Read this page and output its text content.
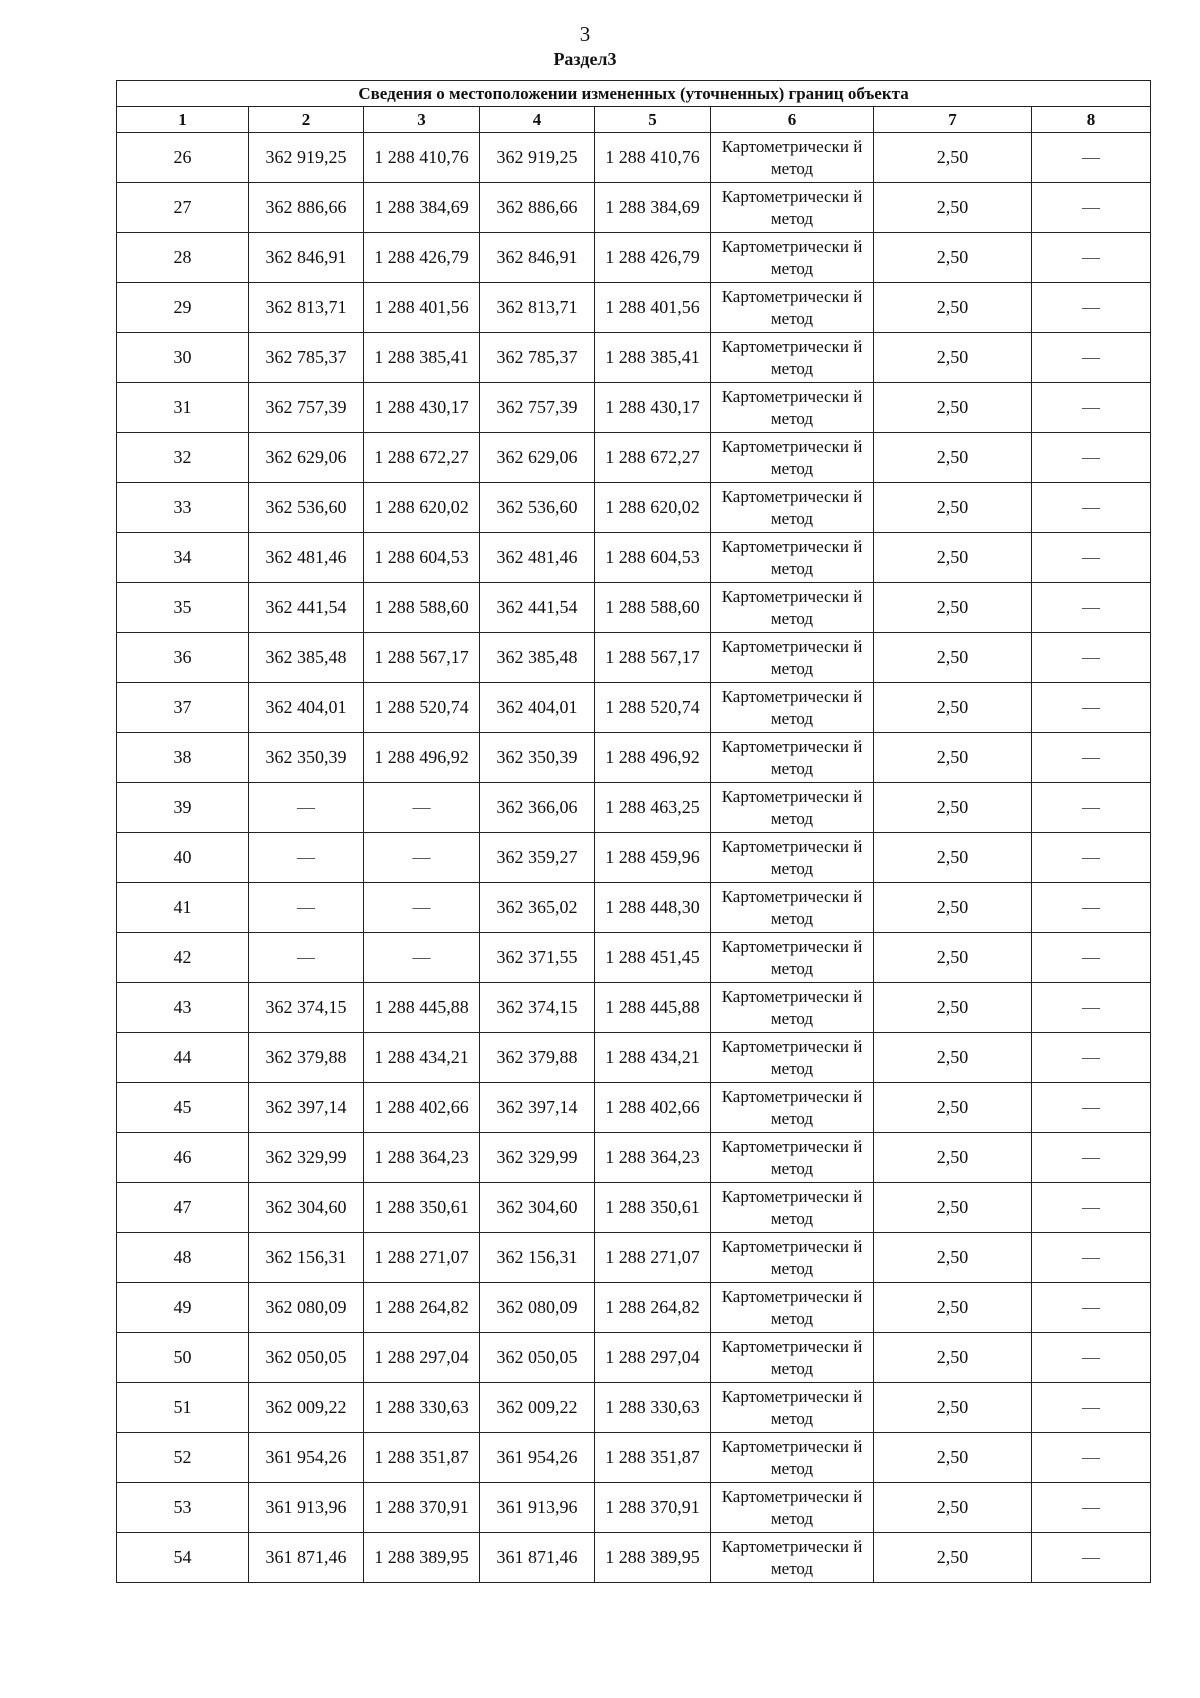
3
Раздел3
Сведения о местоположении измененных (уточненных) границ объекта							
1	2	3	4	5	6	7	8
26	362 919,25	1 288 410,76	362 919,25	1 288 410,76	Картометрически й метод	2,50	—
27	362 886,66	1 288 384,69	362 886,66	1 288 384,69	Картометрически й метод	2,50	—
28	362 846,91	1 288 426,79	362 846,91	1 288 426,79	Картометрически й метод	2,50	—
29	362 813,71	1 288 401,56	362 813,71	1 288 401,56	Картометрически й метод	2,50	—
30	362 785,37	1 288 385,41	362 785,37	1 288 385,41	Картометрически й метод	2,50	—
31	362 757,39	1 288 430,17	362 757,39	1 288 430,17	Картометрически й метод	2,50	—
32	362 629,06	1 288 672,27	362 629,06	1 288 672,27	Картометрически й метод	2,50	—
33	362 536,60	1 288 620,02	362 536,60	1 288 620,02	Картометрически й метод	2,50	—
34	362 481,46	1 288 604,53	362 481,46	1 288 604,53	Картометрически й метод	2,50	—
35	362 441,54	1 288 588,60	362 441,54	1 288 588,60	Картометрически й метод	2,50	—
36	362 385,48	1 288 567,17	362 385,48	1 288 567,17	Картометрически й метод	2,50	—
37	362 404,01	1 288 520,74	362 404,01	1 288 520,74	Картометрически й метод	2,50	—
38	362 350,39	1 288 496,92	362 350,39	1 288 496,92	Картометрически й метод	2,50	—
39	—	—	362 366,06	1 288 463,25	Картометрически й метод	2,50	—
40	—	—	362 359,27	1 288 459,96	Картометрически й метод	2,50	—
41	—	—	362 365,02	1 288 448,30	Картометрически й метод	2,50	—
42	—	—	362 371,55	1 288 451,45	Картометрически й метод	2,50	—
43	362 374,15	1 288 445,88	362 374,15	1 288 445,88	Картометрически й метод	2,50	—
44	362 379,88	1 288 434,21	362 379,88	1 288 434,21	Картометрически й метод	2,50	—
45	362 397,14	1 288 402,66	362 397,14	1 288 402,66	Картометрически й метод	2,50	—
46	362 329,99	1 288 364,23	362 329,99	1 288 364,23	Картометрически й метод	2,50	—
47	362 304,60	1 288 350,61	362 304,60	1 288 350,61	Картометрически й метод	2,50	—
48	362 156,31	1 288 271,07	362 156,31	1 288 271,07	Картометрически й метод	2,50	—
49	362 080,09	1 288 264,82	362 080,09	1 288 264,82	Картометрически й метод	2,50	—
50	362 050,05	1 288 297,04	362 050,05	1 288 297,04	Картометрически й метод	2,50	—
51	362 009,22	1 288 330,63	362 009,22	1 288 330,63	Картометрически й метод	2,50	—
52	361 954,26	1 288 351,87	361 954,26	1 288 351,87	Картометрически й метод	2,50	—
53	361 913,96	1 288 370,91	361 913,96	1 288 370,91	Картометрически й метод	2,50	—
54	361 871,46	1 288 389,95	361 871,46	1 288 389,95	Картометрически й метод	2,50	—
